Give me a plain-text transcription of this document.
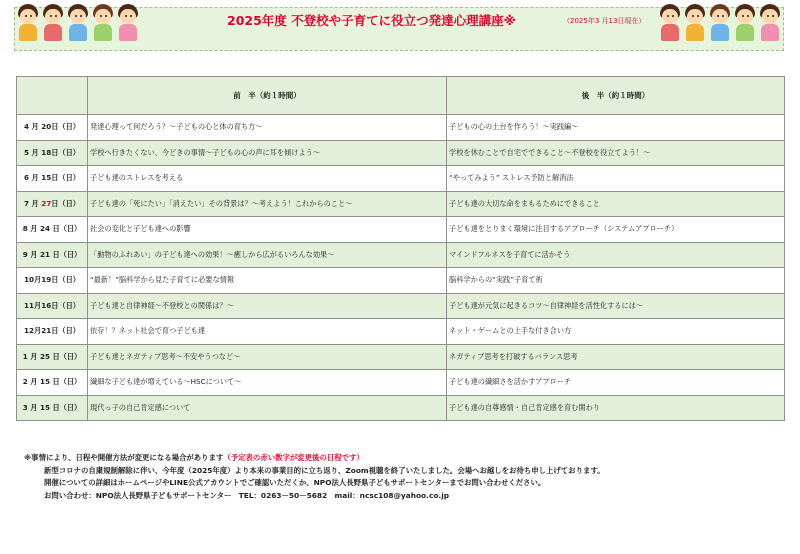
2025年度 不登校や子育てに役立つ発達心理講座※	（2025年3 月13日現在）
	前　半（約１時間）	後　半（約１時間）
4 月 20日（日）	発達心理って何だろう？～子どもの心と体の育ち方～	子どもの心の土台を作ろう！～実践編～
5 月 18日（日）	学校へ行きたくない、今どきの事情～子どもの心の声に耳を傾けよう～	学校を休むことで自宅でできること～不登校を役立てよう！～
6 月 15日（日）	子ども達のストレスを考える	“やってみよう” ストレス予防と解消法
7 月 27日（日）	子ども達の「死にたい」「消えたい」その背景は？～考えよう！これからのこと～	子ども達の大切な命をまもるためにできること
8 月 24 日（日）	社会の変化と子ども達への影響	子ども達をとりまく環境に注目するアプローチ（システムアプローチ）
9 月 21 日（日）	「動物のふれあい」の子ども達への効果！～癒しから広がるいろんな効果～	マインドフルネスを子育てに活かそう
10月19日（日）	“最新！”脳科学から見た子育てに必要な情報	脳科学からの“実践”子育て術
11月16日（日）	子ども達と自律神経～不登校との関係は？～	子ども達が元気に起きるコツ～自律神経を活性化するには～
12月21日（日）	依存！？ネット社会で育つ子ども達	ネット・ゲームとの上手な付き合い方
1 月 25 日（日）	子ども達とネガティブ思考～不安やうつなど～	ネガティブ思考を打破するバランス思考
2 月 15 日（日）	繊細な子ども達が増えている～HSCについて～	子ども達の繊細さを活かすアプローチ
3 月 15 日（日）	現代っ子の自己肯定感について	子ども達の自尊感情・自己肯定感を育む関わり
※事情により、日程や開催方法が変更になる場合があります（予定表の赤い数字が変更後の日程です）
新型コロナの自粛規制解除に伴い、今年度（2025年度）より本来の事業目的に立ち返り、Zoom視聴を終了いたしました。会場へお越しをお待ち申し上げております。
開催についての詳細はホームページやLINE公式アカウントでご確認いただくか、NPO法人長野県子どもサポートセンターまでお問い合わせください。
お問い合わせ：NPO法人長野県子どもサポートセンター　TEL：0263－50－5682　mail：ncsc108@yahoo.co.jp
